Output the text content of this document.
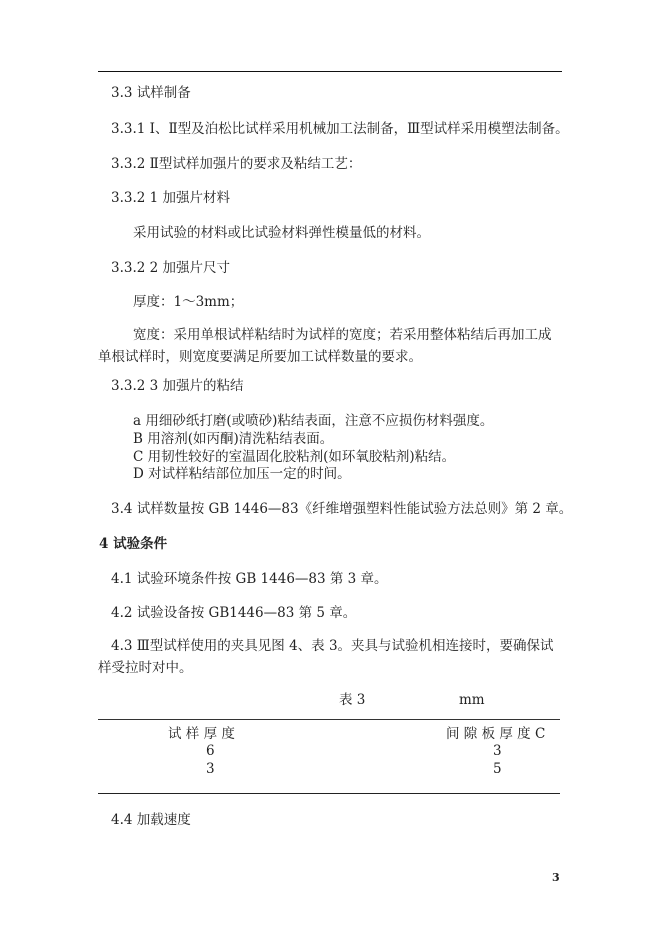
3.3 试样制备
3.3.1 Ⅰ、Ⅱ型及泊松比试样采用机械加工法制备，Ⅲ型试样采用模塑法制备。
3.3.2 Ⅱ型试样加强片的要求及粘结工艺：
3.3.2 1 加强片材料
采用试验的材料或比试验材料弹性模量低的材料。
3.3.2 2 加强片尺寸
厚度：1～3mm；
宽度：采用单根试样粘结时为试样的宽度；若采用整体粘结后再加工成单根试样时，则宽度要满足所要加工试样数量的要求。
3.3.2 3 加强片的粘结
a 用细砂纸打磨(或喷砂)粘结表面，注意不应损伤材料强度。
B 用溶剂(如丙酮)清洗粘结表面。
C 用韧性较好的室温固化胶粘剂(如环氧胶粘剂)粘结。
D 对试样粘结部位加压一定的时间。
3.4 试样数量按 GB 1446—83《纤维增强塑料性能试验方法总则》第 2 章。
4 试验条件
4.1 试验环境条件按 GB 1446—83 第 3 章。
4.2 试验设备按 GB1446—83 第 5 章。
4.3 Ⅲ型试样使用的夹具见图 4、表 3。夹具与试验机相连接时，要确保试样受拉时对中。
表 3	mm
试 样 厚 度	间 隙 板 厚 度 C
6	3
3	5
4.4 加载速度
3
